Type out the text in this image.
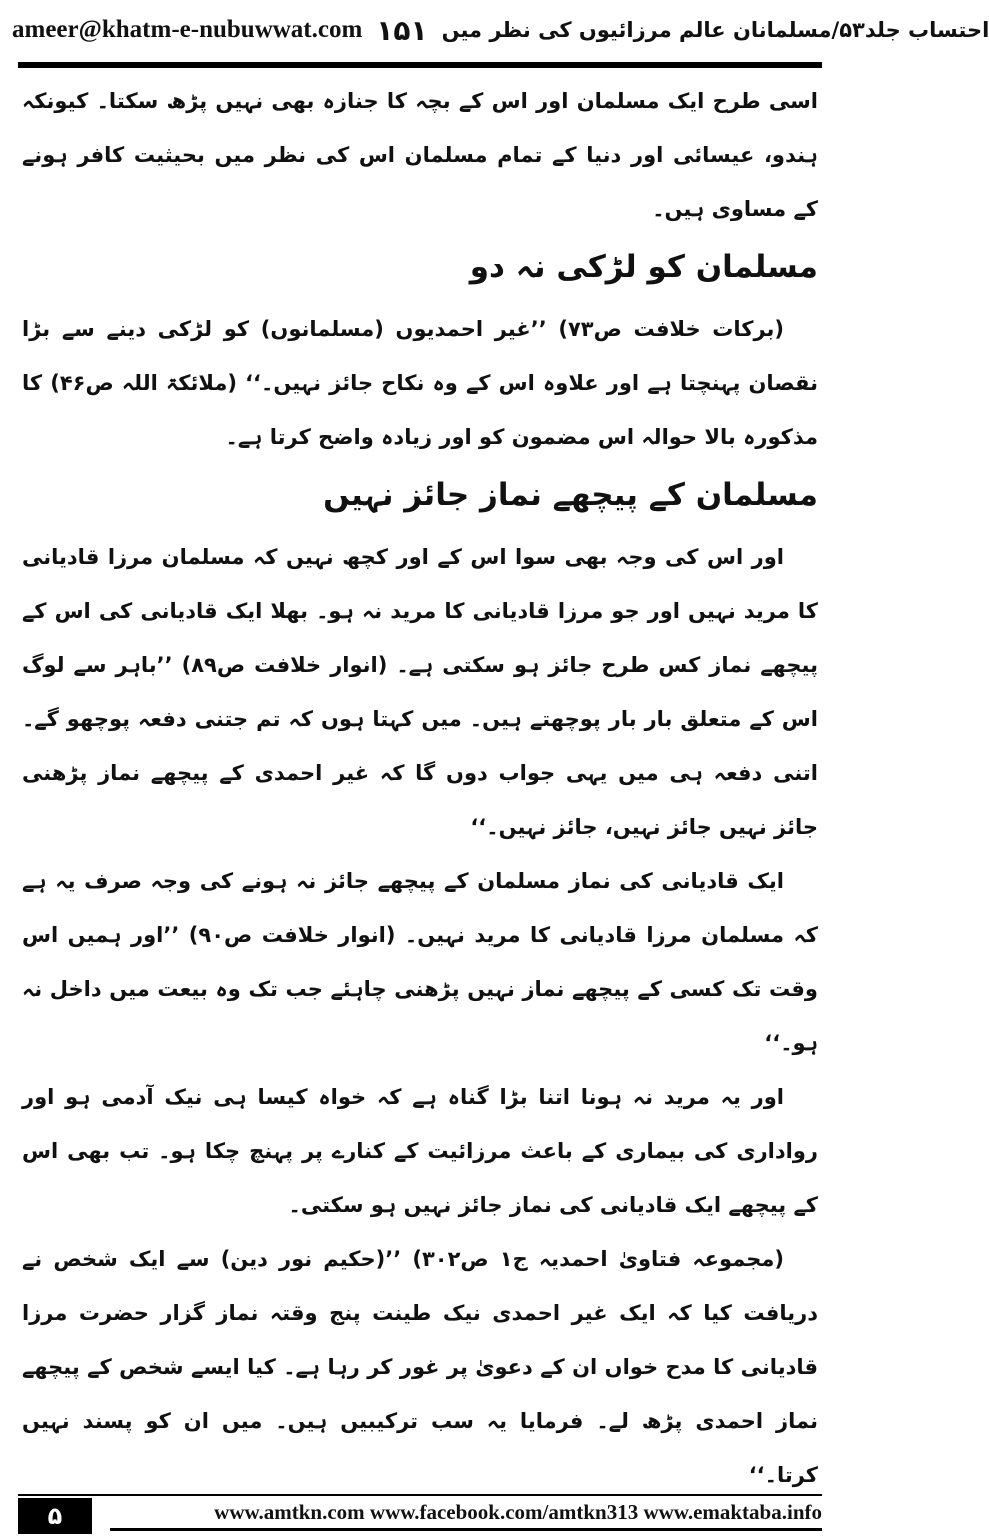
ameer@khatm-e-nubuwwat.com ۱۵۱ احتساب جلد۵۳/مسلمانان عالم مرزائیوں کی نظر میں

اسی طرح ایک مسلمان اور اس کے بچہ کا جنازہ بھی نہیں پڑھ سکتا۔ کیونکہ ہندو، عیسائی اور دنیا کے تمام مسلمان اس کی نظر میں بحیثیت کافر ہونے کے مساوی ہیں۔

مسلمان کو لڑکی نہ دو

(برکات خلافت ص۷۳) ’’غیر احمدیوں (مسلمانوں) کو لڑکی دینے سے بڑا نقصان پہنچتا ہے اور علاوہ اس کے وہ نکاح جائز نہیں۔‘‘ (ملائکۃ اللہ ص۴۶) کا مذکورہ بالا حوالہ اس مضمون کو اور زیادہ واضح کرتا ہے۔

مسلمان کے پیچھے نماز جائز نہیں

اور اس کی وجہ بھی سوا اس کے اور کچھ نہیں کہ مسلمان مرزا قادیانی کا مرید نہیں اور جو مرزا قادیانی کا مرید نہ ہو۔ بھلا ایک قادیانی کی اس کے پیچھے نماز کس طرح جائز ہو سکتی ہے۔ (انوار خلافت ص۸۹) ’’باہر سے لوگ اس کے متعلق بار بار پوچھتے ہیں۔ میں کہتا ہوں کہ تم جتنی دفعہ پوچھو گے۔ اتنی دفعہ ہی میں یہی جواب دوں گا کہ غیر احمدی کے پیچھے نماز پڑھنی جائز نہیں جائز نہیں، جائز نہیں۔‘‘

ایک قادیانی کی نماز مسلمان کے پیچھے جائز نہ ہونے کی وجہ صرف یہ ہے کہ مسلمان مرزا قادیانی کا مرید نہیں۔ (انوار خلافت ص۹۰) ’’اور ہمیں اس وقت تک کسی کے پیچھے نماز نہیں پڑھنی چاہئے جب تک وہ بیعت میں داخل نہ ہو۔‘‘

اور یہ مرید نہ ہونا اتنا بڑا گناہ ہے کہ خواہ کیسا ہی نیک آدمی ہو اور رواداری کی بیماری کے باعث مرزائیت کے کنارے پر پہنچ چکا ہو۔ تب بھی اس کے پیچھے ایک قادیانی کی نماز جائز نہیں ہو سکتی۔

(مجموعہ فتاویٰ احمدیہ ج۱ ص۳۰۲) ’’(حکیم نور دین) سے ایک شخص نے دریافت کیا کہ ایک غیر احمدی نیک طینت پنج وقتہ نماز گزار حضرت مرزا قادیانی کا مدح خواں ان کے دعویٰ پر غور کر رہا ہے۔ کیا ایسے شخص کے پیچھے نماز احمدی پڑھ لے۔ فرمایا یہ سب ترکیبیں ہیں۔ میں ان کو پسند نہیں کرتا۔‘‘

۵	www.amtkn.com www.facebook.com/amtkn313 www.emaktaba.info
